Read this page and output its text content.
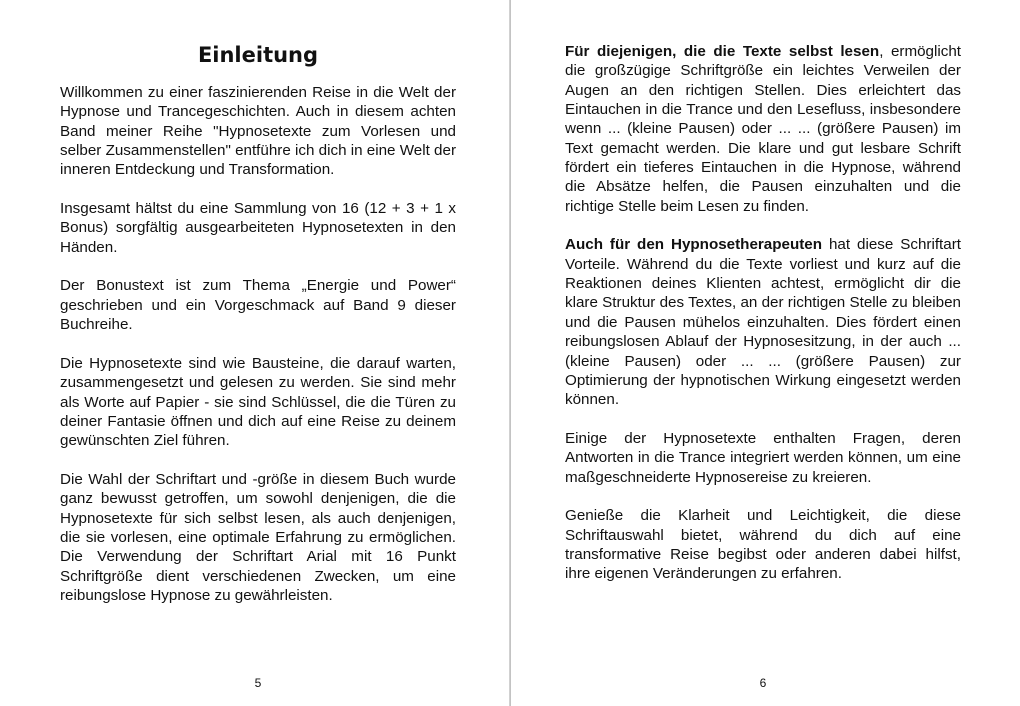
Einleitung

Willkommen zu einer faszinierenden Reise in die Welt der Hypnose und Trancegeschichten. Auch in diesem achten Band meiner Reihe "Hypnosetexte zum Vorlesen und selber Zusammenstellen" entführe ich dich in eine Welt der inneren Entdeckung und Transformation.

Insgesamt hältst du eine Sammlung von 16 (12 + 3 + 1 x Bonus) sorgfältig ausgearbeiteten Hypnosetexten in den Händen.

Der Bonustext ist zum Thema „Energie und Power“ geschrieben und ein Vorgeschmack auf Band 9 dieser Buchreihe.

Die Hypnosetexte sind wie Bausteine, die darauf warten, zusammengesetzt und gelesen zu werden. Sie sind mehr als Worte auf Papier - sie sind Schlüssel, die die Türen zu deiner Fantasie öffnen und dich auf eine Reise zu deinem gewünschten Ziel führen.

Die Wahl der Schriftart und -größe in diesem Buch wurde ganz bewusst getroffen, um sowohl denjenigen, die die Hypnosetexte für sich selbst lesen, als auch denjenigen, die sie vorlesen, eine optimale Erfahrung zu ermöglichen. Die Verwendung der Schriftart Arial mit 16 Punkt Schriftgröße dient verschiedenen Zwecken, um eine reibungslose Hypnose zu gewährleisten.

5

Für diejenigen, die die Texte selbst lesen, ermöglicht die großzügige Schriftgröße ein leichtes Verweilen der Augen an den richtigen Stellen. Dies erleichtert das Eintauchen in die Trance und den Lesefluss, insbesondere wenn ... (kleine Pausen) oder ... ... (größere Pausen) im Text gemacht werden. Die klare und gut lesbare Schrift fördert ein tieferes Eintauchen in die Hypnose, während die Absätze helfen, die Pausen einzuhalten und die richtige Stelle beim Lesen zu finden.

Auch für den Hypnosetherapeuten hat diese Schriftart Vorteile. Während du die Texte vorliest und kurz auf die Reaktionen deines Klienten achtest, ermöglicht dir die klare Struktur des Textes, an der richtigen Stelle zu bleiben und die Pausen mühelos einzuhalten. Dies fördert einen reibungslosen Ablauf der Hypnosesitzung, in der auch ... (kleine Pausen) oder ... ... (größere Pausen) zur Optimierung der hypnotischen Wirkung eingesetzt werden können.

Einige der Hypnosetexte enthalten Fragen, deren Antworten in die Trance integriert werden können, um eine maßgeschneiderte Hypnosereise zu kreieren.

Genieße die Klarheit und Leichtigkeit, die diese Schriftauswahl bietet, während du dich auf eine transformative Reise begibst oder anderen dabei hilfst, ihre eigenen Veränderungen zu erfahren.

6
